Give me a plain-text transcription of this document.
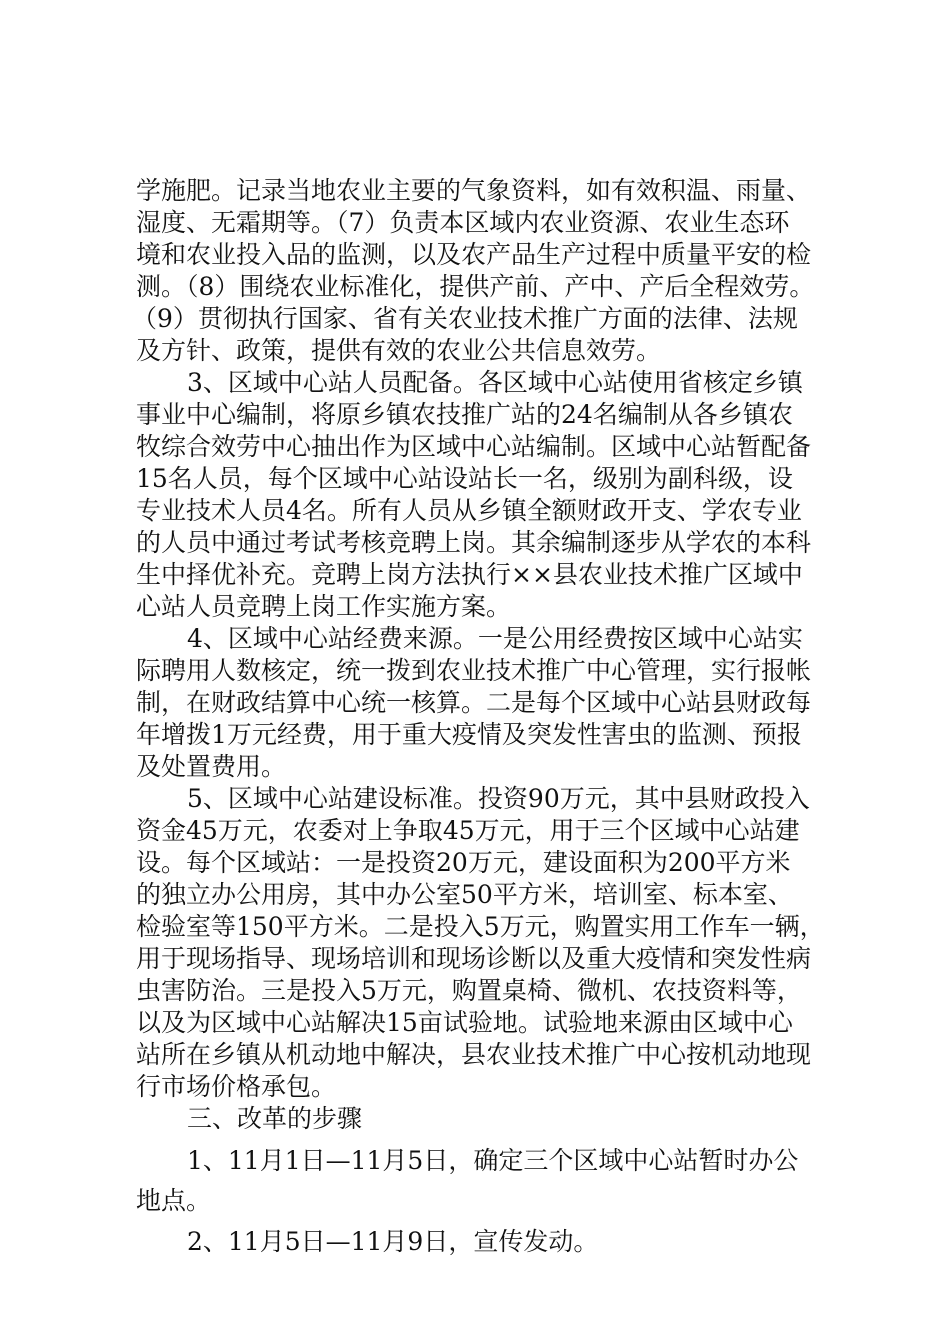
学施肥。记录当地农业主要的气象资料，如有效积温、雨量、
湿度、无霜期等。（7）负责本区域内农业资源、农业生态环
境和农业投入品的监测，以及农产品生产过程中质量平安的检
测。（8）围绕农业标准化，提供产前、产中、产后全程效劳。
（9）贯彻执行国家、省有关农业技术推广方面的法律、法规
及方针、政策，提供有效的农业公共信息效劳。
3、区域中心站人员配备。各区域中心站使用省核定乡镇
事业中心编制，将原乡镇农技推广站的24名编制从各乡镇农
牧综合效劳中心抽出作为区域中心站编制。区域中心站暂配备
15名人员，每个区域中心站设站长一名，级别为副科级，设
专业技术人员4名。所有人员从乡镇全额财政开支、学农专业
的人员中通过考试考核竞聘上岗。其余编制逐步从学农的本科
生中择优补充。竞聘上岗方法执行××县农业技术推广区域中
心站人员竞聘上岗工作实施方案。
4、区域中心站经费来源。一是公用经费按区域中心站实
际聘用人数核定，统一拨到农业技术推广中心管理，实行报帐
制，在财政结算中心统一核算。二是每个区域中心站县财政每
年增拨1万元经费，用于重大疫情及突发性害虫的监测、预报
及处置费用。
5、区域中心站建设标准。投资90万元，其中县财政投入
资金45万元，农委对上争取45万元，用于三个区域中心站建
设。每个区域站：一是投资20万元，建设面积为200平方米
的独立办公用房，其中办公室50平方米，培训室、标本室、
检验室等150平方米。二是投入5万元，购置实用工作车一辆，
用于现场指导、现场培训和现场诊断以及重大疫情和突发性病
虫害防治。三是投入5万元，购置桌椅、微机、农技资料等，
以及为区域中心站解决15亩试验地。试验地来源由区域中心
站所在乡镇从机动地中解决，县农业技术推广中心按机动地现
行市场价格承包。
三、改革的步骤
1、11月1日—11月5日，确定三个区域中心站暂时办公
地点。
2、11月5日—11月9日，宣传发动。
